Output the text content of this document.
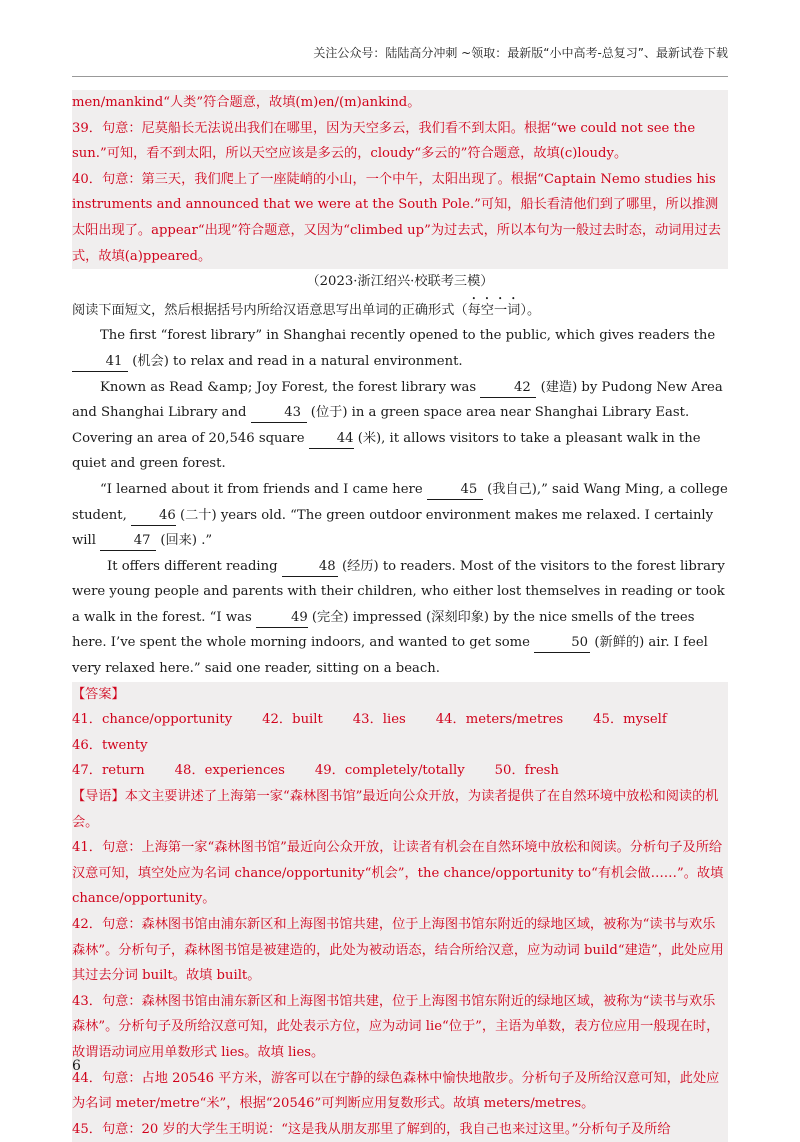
关注公众号：陆陆高分冲刺 ~领取：最新版“小中高考-总复习”、最新试卷下载

men/mankind“人类”符合题意，故填(m)en/(m)ankind。

39．句意：尼莫船长无法说出我们在哪里，因为天空多云，我们看不到太阳。根据“we could not see the sun.”可知，看不到太阳，所以天空应该是多云的，cloudy“多云的”符合题意，故填(c)loudy。

40．句意：第三天，我们爬上了一座陡峭的小山，一个中午，太阳出现了。根据“Captain Nemo studies his instruments and announced that we were at the South Pole.”可知，船长看清他们到了哪里，所以推测太阳出现了。appear“出现”符合题意，又因为“climbed up”为过去式，所以本句为一般过去时态，动词用过去式，故填(a)ppeared。

（2023·浙江绍兴·校联考三模）

阅读下面短文，然后根据括号内所给汉语意思写出单词的正确形式（每空一词）。

The first “forest library” in Shanghai recently opened to the public, which gives readers the 41 (机会) to relax and read in a natural environment.

Known as Read &amp; Joy Forest, the forest library was	42 (建造) by Pudong New Area and Shanghai Library and	43 (位于) in a green space area near Shanghai Library East. Covering an area of 20,546 square 44 (米), it allows visitors to take a pleasant walk in the quiet and green forest.

“I learned about it from friends and I came here	45 (我自己),” said Wang Ming, a college student, 46 (二十) years old. “The green outdoor environment makes me relaxed. I certainly will	47 (回来) .”

It offers different reading	48 (经历) to readers. Most of the visitors to the forest library were young people and parents with their children, who either lost themselves in reading or took a walk in the forest. “I was	49 (完全) impressed (深刻印象) by the nice smells of the trees here. I’ve spent the whole morning indoors, and wanted to get some	50 (新鲜的) air. I feel very relaxed here.” said one reader, sitting on a beach.

【答案】

41．chance/opportunity 42．built 43．lies 44．meters/metres 45．myself46．twenty

47．return 48．experiences 49．completely/totally 50．fresh

【导语】本文主要讲述了上海第一家“森林图书馆”最近向公众开放，为读者提供了在自然环境中放松和阅读的机会。

41．句意：上海第一家“森林图书馆”最近向公众开放，让读者有机会在自然环境中放松和阅读。分析句子及所给汉意可知，填空处应为名词 chance/opportunity“机会”，the chance/opportunity to“有机会做……”。故填 chance/opportunity。

42．句意：森林图书馆由浦东新区和上海图书馆共建，位于上海图书馆东附近的绿地区域，被称为“读书与欢乐森林”。分析句子，森林图书馆是被建造的，此处为被动语态，结合所给汉意，应为动词 build“建造”，此处应用其过去分词 built。故填 built。

43．句意：森林图书馆由浦东新区和上海图书馆共建，位于上海图书馆东附近的绿地区域，被称为“读书与欢乐森林”。分析句子及所给汉意可知，此处表示方位，应为动词 lie“位于”，主语为单数，表方位应用一般现在时，故谓语动词应用单数形式 lies。故填 lies。

44．句意：占地 20546 平方米，游客可以在宁静的绿色森林中愉快地散步。分析句子及所给汉意可知，此处应为名词 meter/metre“米”，根据“20546”可判断应用复数形式。故填 meters/metres。

45．句意：20 岁的大学生王明说：“这是我从朋友那里了解到的，我自己也来过这里。”分析句子及所给

6
